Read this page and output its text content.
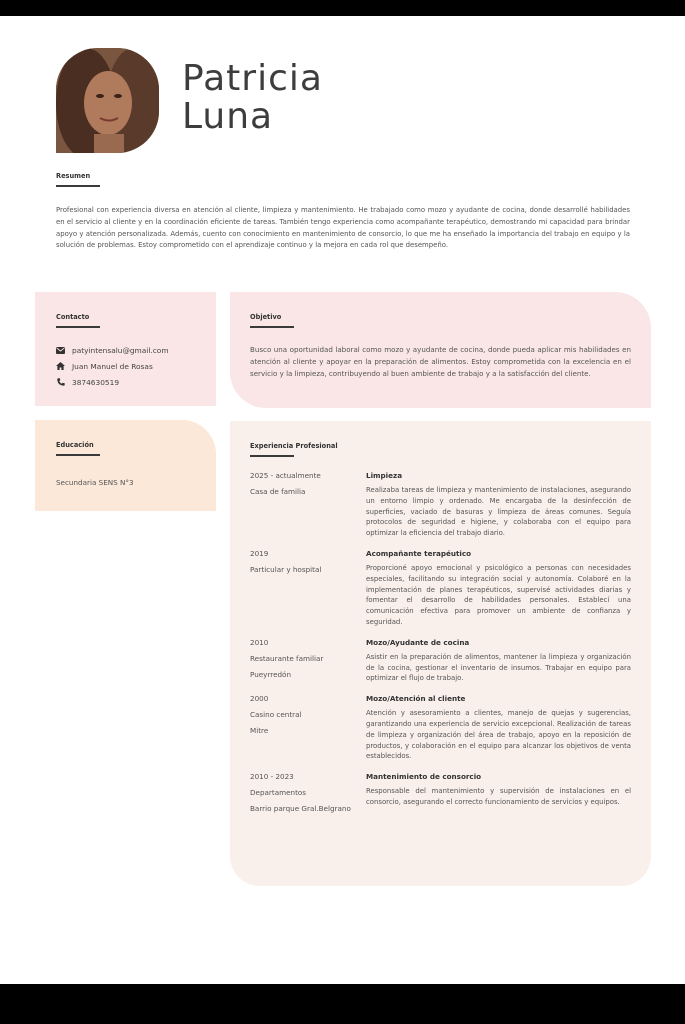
Patricia
Luna
Resumen

Profesional con experiencia diversa en atención al cliente, limpieza y mantenimiento. He trabajado como mozo y ayudante de cocina, donde desarrollé habilidades en el servicio al cliente y en la coordinación eficiente de tareas. También tengo experiencia como acompañante terapéutico, demostrando mi capacidad para brindar apoyo y atención personalizada. Además, cuento con conocimiento en mantenimiento de consorcio, lo que me ha enseñado la importancia del trabajo en equipo y la solución de problemas. Estoy comprometido con el aprendizaje continuo y la mejora en cada rol que desempeño.

Contacto
patyintensalu@gmail.com
Juan Manuel de Rosas
3874630519
Objetivo
Busco una oportunidad laboral como mozo y ayudante de cocina, donde pueda aplicar mis habilidades en atención al cliente y apoyar en la preparación de alimentos. Estoy comprometida con la excelencia en el servicio y la limpieza, contribuyendo al buen ambiente de trabajo y a la satisfacción del cliente.
Educación
Secundaria SENS N°3
Experiencia Profesional
2025 - actualmente
Casa de familia
Limpieza
Realizaba tareas de limpieza y mantenimiento de instalaciones, asegurando un entorno limpio y ordenado. Me encargaba de la desinfección de superficies, vaciado de basuras y limpieza de áreas comunes. Seguía protocolos de seguridad e higiene, y colaboraba con el equipo para optimizar la eficiencia del trabajo diario.
2019
Particular y hospital
Acompañante terapéutico
Proporcioné apoyo emocional y psicológico a personas con necesidades especiales, facilitando su integración social y autonomía. Colaboré en la implementación de planes terapéuticos, supervisé actividades diarias y fomentar el desarrollo de habilidades personales. Establecí una comunicación efectiva para promover un ambiente de confianza y seguridad.
2010
Restaurante familiar
Pueyrredón
Mozo/Ayudante de cocina
Asistir en la preparación de alimentos, mantener la limpieza y organización de la cocina, gestionar el inventario de insumos. Trabajar en equipo para optimizar el flujo de trabajo.
2000
Casino central
Mitre
Mozo/Atención al cliente
Atención y asesoramiento a clientes, manejo de quejas y sugerencias, garantizando una experiencia de servicio excepcional. Realización de tareas de limpieza y organización del área de trabajo, apoyo en la reposición de productos, y colaboración en el equipo para alcanzar los objetivos de venta establecidos.
2010 - 2023
Departamentos
Barrio parque Gral.Belgrano
Mantenimiento de consorcio
Responsable del mantenimiento y supervisión de instalaciones en el consorcio, asegurando el correcto funcionamiento de servicios y equipos.
